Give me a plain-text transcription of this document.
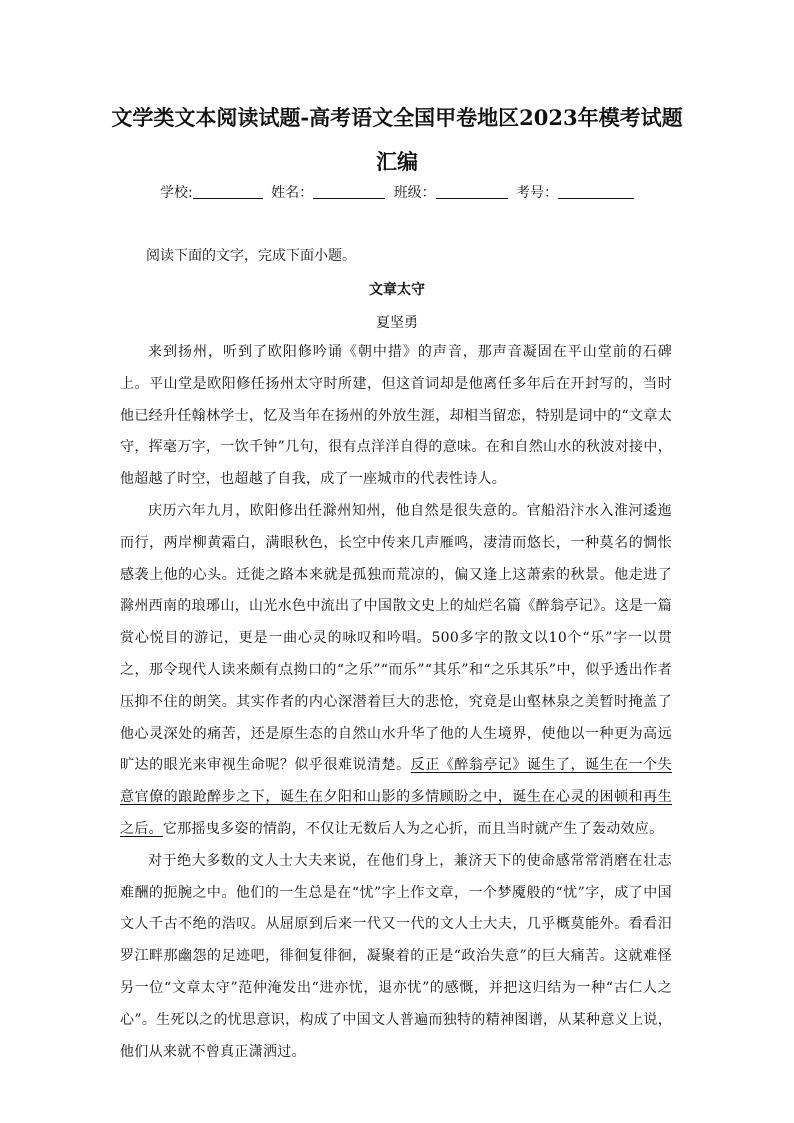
文学类文本阅读试题-高考语文全国甲卷地区2023年模考试题
汇编
学校:	姓名：	班级：	考号：
阅读下面的文字，完成下面小题。
文章太守
夏坚勇

来到扬州，听到了欧阳修吟诵《朝中措》的声音，那声音凝固在平山堂前的石碑上。平山堂是欧阳修任扬州太守时所建，但这首词却是他离任多年后在开封写的，当时他已经升任翰林学士，忆及当年在扬州的外放生涯，却相当留恋，特别是词中的“文章太守，挥毫万字，一饮千钟”几句，很有点洋洋自得的意味。在和自然山水的秋波对接中，他超越了时空，也超越了自我，成了一座城市的代表性诗人。

庆历六年九月，欧阳修出任滁州知州，他自然是很失意的。官船沿汴水入淮河逶迤而行，两岸柳黄霜白，满眼秋色，长空中传来几声雁鸣，凄清而悠长，一种莫名的惆怅感袭上他的心头。迁徙之路本来就是孤独而荒凉的，偏又逢上这萧索的秋景。他走进了滁州西南的琅琊山，山光水色中流出了中国散文史上的灿烂名篇《醉翁亭记》。这是一篇赏心悦目的游记，更是一曲心灵的咏叹和吟唱。500多字的散文以10个“乐”字一以贯之，那令现代人读来颇有点拗口的“之乐”“而乐”“其乐”和“之乐其乐”中，似乎透出作者压抑不住的朗笑。其实作者的内心深潜着巨大的悲怆，究竟是山壑林泉之美暂时掩盖了他心灵深处的痛苦，还是原生态的自然山水升华了他的人生境界，使他以一种更为高远旷达的眼光来审视生命呢？似乎很难说清楚。反正《醉翁亭记》诞生了，诞生在一个失意官僚的踉跄醉步之下，诞生在夕阳和山影的多情顾盼之中，诞生在心灵的困顿和再生之后。它那摇曳多姿的情韵，不仅让无数后人为之心折，而且当时就产生了轰动效应。

对于绝大多数的文人士大夫来说，在他们身上，兼济天下的使命感常常消磨在壮志难酬的扼腕之中。他们的一生总是在“忧”字上作文章，一个梦魇般的“忧”字，成了中国文人千古不绝的浩叹。从屈原到后来一代又一代的文人士大夫，几乎概莫能外。看看汨罗江畔那幽怨的足迹吧，徘徊复徘徊，凝聚着的正是“政治失意”的巨大痛苦。这就难怪另一位“文章太守”范仲淹发出“进亦忧，退亦忧”的感慨，并把这归结为一种“古仁人之心”。生死以之的忧思意识，构成了中国文人普遍而独特的精神图谱，从某种意义上说，他们从来就不曾真正潇洒过。
